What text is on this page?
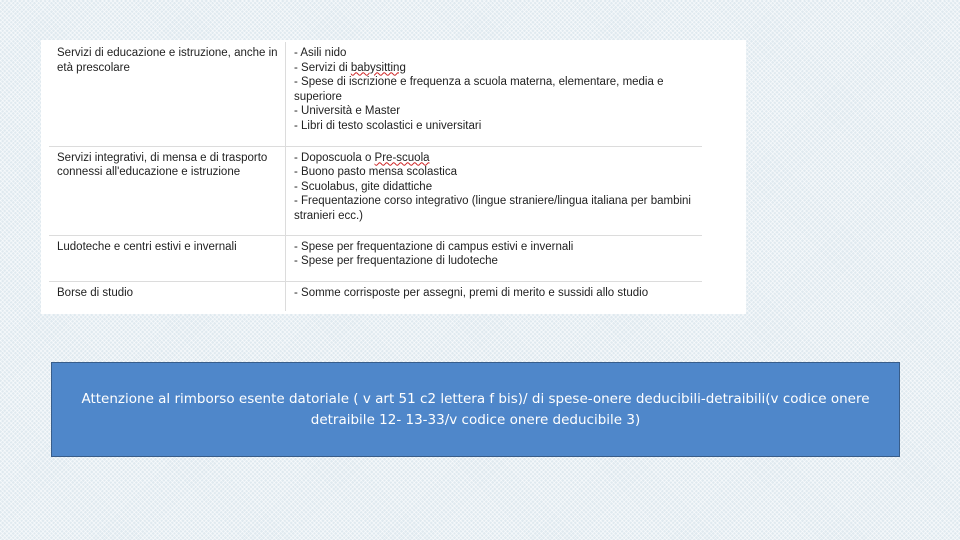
Servizi di educazione e istruzione, anche in età prescolare	- Asili nido
- Servizi di babysitting
- Spese di iscrizione e frequenza a scuola materna, elementare, media e superiore
- Università e Master
- Libri di testo scolastici e universitari

Servizi integrativi, di mensa e di trasporto connessi all'educazione e istruzione	- Doposcuola o Pre-scuola
- Buono pasto mensa scolastica
- Scuolabus, gite didattiche
- Frequentazione corso integrativo (lingue straniere/lingua italiana per bambini stranieri ecc.)

Ludoteche e centri estivi e invernali	- Spese per frequentazione di campus estivi e invernali
- Spese per frequentazione di ludoteche

Borse di studio	- Somme corrisposte per assegni, premi di merito e sussidi allo studio
Attenzione al rimborso esente datoriale ( v art 51 c2 lettera f bis)/ di spese-onere deducibili-detraibili(v codice onere detraibile 12- 13-33/v codice onere deducibile 3)
